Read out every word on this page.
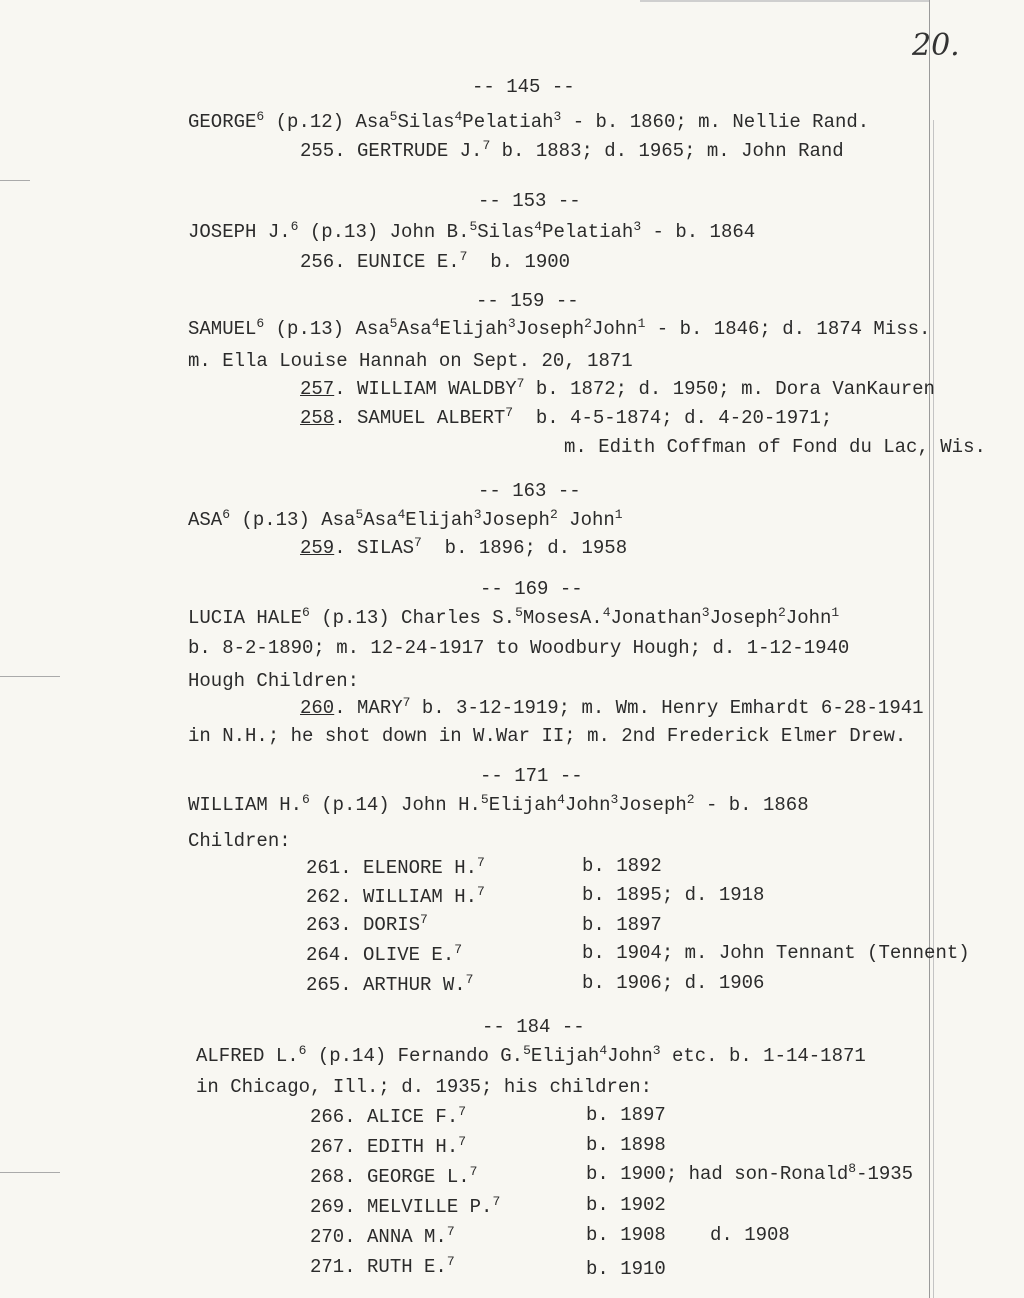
20.
-- 145 --
GEORGE$^6$ (p.12) Asa$^5$Silas$^4$Pelatiah$^3$ - b. 1860; m. Nellie Rand.
255. GERTRUDE J.$^7$ b. 1883; d. 1965; m. John Rand
-- 153 --
JOSEPH J.$^6$ (p.13) John B.$^5$Silas$^4$Pelatiah$^3$ - b. 1864
256. EUNICE E.$^7$  b. 1900
-- 159 --
SAMUEL$^6$ (p.13) Asa$^5$Asa$^4$Elijah$^3$Joseph$^2$John$^1$ - b. 1846; d. 1874 Miss.
m. Ella Louise Hannah on Sept. 20, 1871
257. WILLIAM WALDBY$^7$ b. 1872; d. 1950; m. Dora VanKauren
258. SAMUEL ALBERT$^7$  b. 4-5-1874; d. 4-20-1971;
m. Edith Coffman of Fond du Lac, Wis.
-- 163 --
ASA$^6$ (p.13) Asa$^5$Asa$^4$Elijah$^3$Joseph$^2$ John$^1$
259. SILAS$^7$  b. 1896; d. 1958
-- 169 --
LUCIA HALE$^6$ (p.13) Charles S.$^5$MosesA.$^4$Jonathan$^3$Joseph$^2$John$^1$
b. 8-2-1890; m. 12-24-1917 to Woodbury Hough; d. 1-12-1940
Hough Children:
260. MARY$^7$ b. 3-12-1919; m. Wm. Henry Emhardt 6-28-1941
in N.H.; he shot down in W.War II; m. 2nd Frederick Elmer Drew.
-- 171 --
WILLIAM H.$^6$ (p.14) John H.$^5$Elijah$^4$John$^3$Joseph$^2$ - b. 1868
Children:
261. ELENORE H.$^7$	b. 1892
262. WILLIAM H.$^7$	b. 1895; d. 1918
263. DORIS$^7$	b. 1897
264. OLIVE E.$^7$	b. 1904; m. John Tennant (Tennent)
265. ARTHUR W.$^7$	b. 1906; d. 1906
-- 184 --
ALFRED L.$^6$ (p.14) Fernando G.$^5$Elijah$^4$John$^3$ etc. b. 1-14-1871
in Chicago, Ill.; d. 1935; his children:
266. ALICE F.$^7$	b. 1897
267. EDITH H.$^7$	b. 1898
268. GEORGE L.$^7$	b. 1900; had son-Ronald$^8$-1935
269. MELVILLE P.$^7$	b. 1902
270. ANNA M.$^7$	b. 1908 d. 1908
271. RUTH E.$^7$	b. 1910
